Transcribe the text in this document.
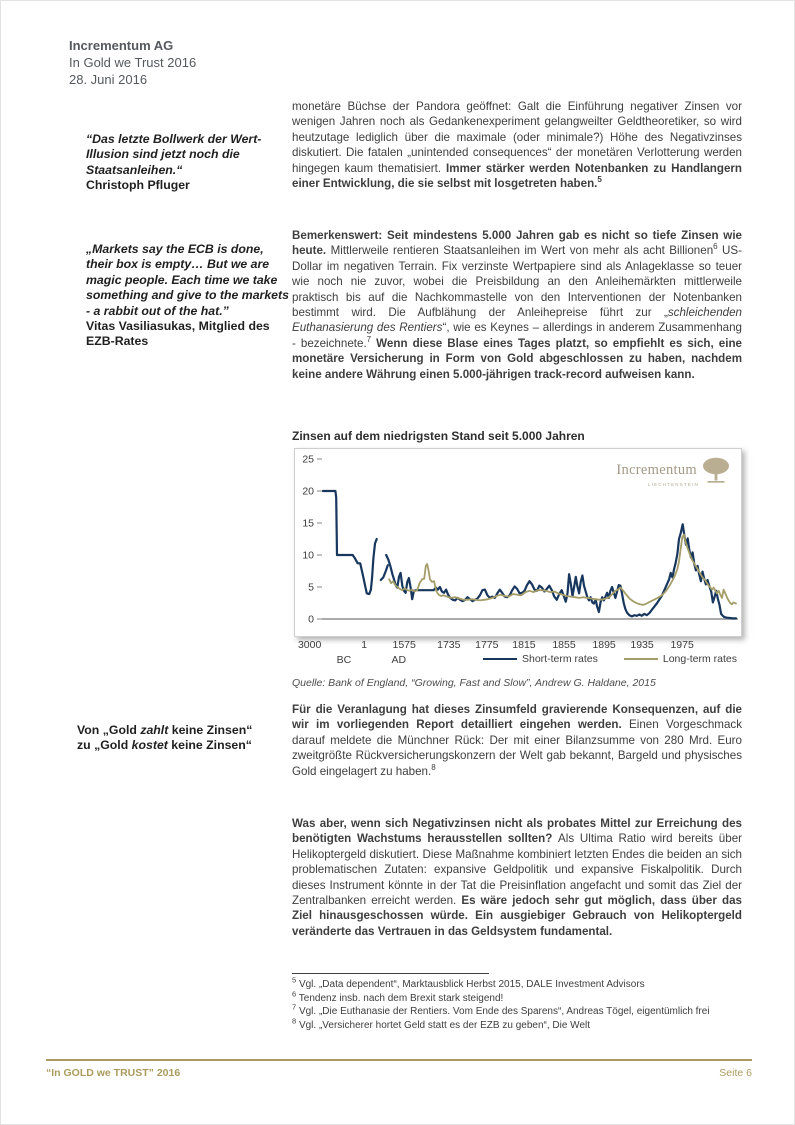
Incrementum AG
In Gold we Trust 2016
28. Juni 2016
“Das letzte Bollwerk der Wert-Illusion sind jetzt noch die Staatsanleihen.“
Christoph Pfluger
„Markets say the ECB is done, their box is empty… But we are magic people. Each time we take something and give to the markets - a rabbit out of the hat.”
Vitas Vasiliasukas, Mitglied des EZB-Rates
Von „Gold zahlt keine Zinsen“
zu „Gold kostet keine Zinsen“
monetäre Büchse der Pandora geöffnet: Galt die Einführung negativer Zinsen vor wenigen Jahren noch als Gedankenexperiment gelangweilter Geldtheoretiker, so wird heutzutage lediglich über die maximale (oder minimale?) Höhe des Negativzinses diskutiert. Die fatalen „unintended consequences“ der monetären Verlotterung werden hingegen kaum thematisiert. Immer stärker werden Notenbanken zu Handlangern einer Entwicklung, die sie selbst mit losgetreten haben.$^5$
Bemerkenswert: Seit mindestens 5.000 Jahren gab es nicht so tiefe Zinsen wie heute. Mittlerweile rentieren Staatsanleihen im Wert von mehr als acht Billionen$^6$ US-Dollar im negativen Terrain. Fix verzinste Wertpapiere sind als Anlageklasse so teuer wie noch nie zuvor, wobei die Preisbildung an den Anleihemärkten mittlerweile praktisch bis auf die Nachkommastelle von den Interventionen der Notenbanken bestimmt wird. Die Aufblähung der Anleihepreise führt zur „schleichenden Euthanasierung des Rentiers“, wie es Keynes – allerdings in anderem Zusammenhang - bezeichnete.$^7$ Wenn diese Blase eines Tages platzt, so empfiehlt es sich, eine monetäre Versicherung in Form von Gold abgeschlossen zu haben, nachdem keine andere Währung einen 5.000-jährigen track-record aufweisen kann.
Zinsen auf dem niedrigsten Stand seit 5.000 Jahren
0
5
10
15
20
25
Incrementum
LIECHTENSTEIN
3000	1 1575 1735 1775 1815 1855 1895 1935 1975
BC	AD	Short-term rates	Long-term rates
Quelle: Bank of England, “Growing, Fast and Slow”, Andrew G. Haldane, 2015
Für die Veranlagung hat dieses Zinsumfeld gravierende Konsequenzen, auf die wir im vorliegenden Report detailliert eingehen werden. Einen Vorgeschmack darauf meldete die Münchner Rück: Der mit einer Bilanzsumme von 280 Mrd. Euro zweitgrößte Rückversicherungskonzern der Welt gab bekannt, Bargeld und physisches Gold eingelagert zu haben.$^8$
Was aber, wenn sich Negativzinsen nicht als probates Mittel zur Erreichung des benötigten Wachstums herausstellen sollten? Als Ultima Ratio wird bereits über Helikoptergeld diskutiert. Diese Maßnahme kombiniert letzten Endes die beiden an sich problematischen Zutaten: expansive Geldpolitik und expansive Fiskalpolitik. Durch dieses Instrument könnte in der Tat die Preisinflation angefacht und somit das Ziel der Zentralbanken erreicht werden. Es wäre jedoch sehr gut möglich, dass über das Ziel hinausgeschossen würde. Ein ausgiebiger Gebrauch von Helikoptergeld veränderte das Vertrauen in das Geldsystem fundamental.
$^5$ Vgl. „Data dependent“, Marktausblick Herbst 2015, DALE Investment Advisors
$^6$ Tendenz insb. nach dem Brexit stark steigend!
$^7$ Vgl. „Die Euthanasie der Rentiers. Vom Ende des Sparens“, Andreas Tögel, eigentümlich frei
$^8$ Vgl. „Versicherer hortet Geld statt es der EZB zu geben“, Die Welt
“In GOLD we TRUST” 2016	Seite 6
